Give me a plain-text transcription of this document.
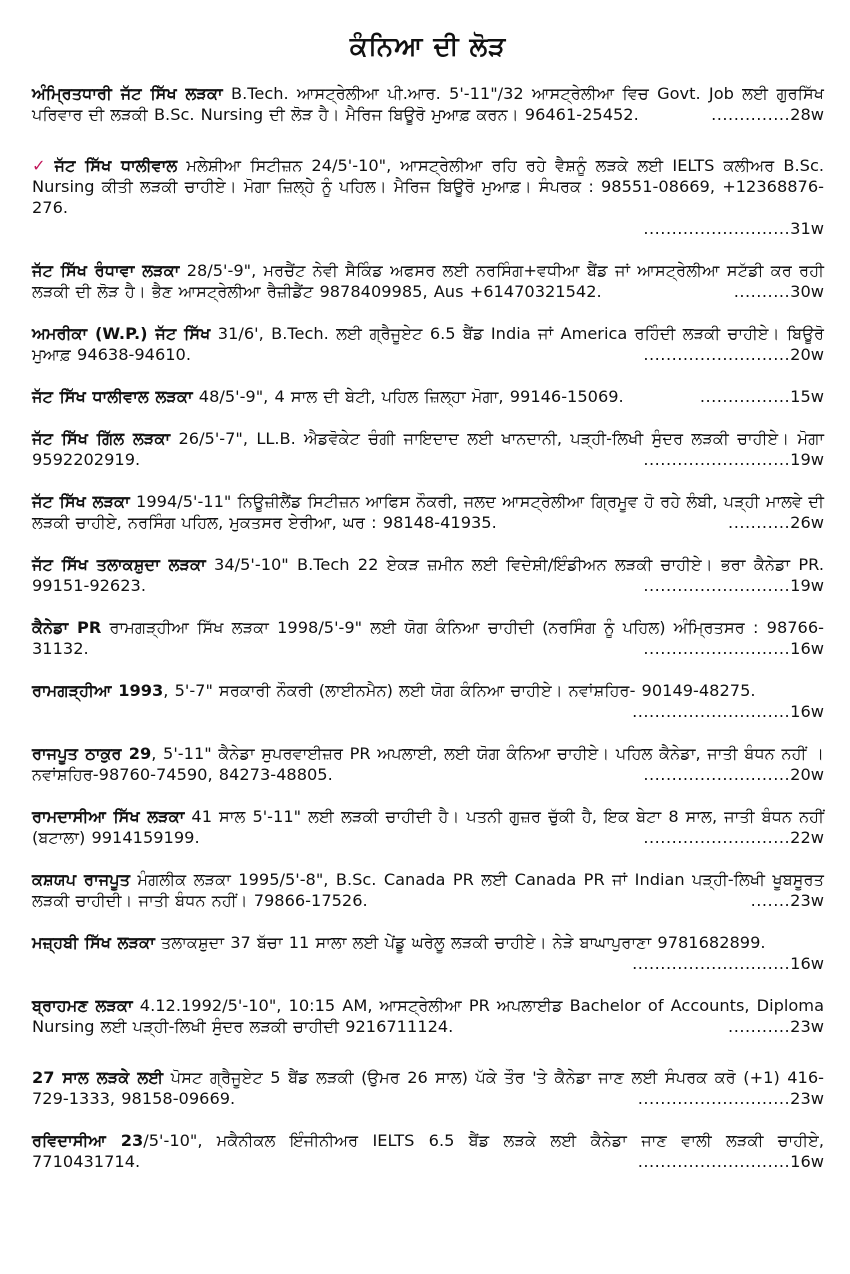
ਕੰਨਿਆ ਦੀ ਲੋੜ
ਅੰਮ੍ਰਿਤਧਾਰੀ ਜੱਟ ਸਿੱਖ ਲੜਕਾ B.Tech. ਆਸਟ੍ਰੇਲੀਆ ਪੀ.ਆਰ. 5'-11"/32 ਆਸਟ੍ਰੇਲੀਆ ਵਿਚ Govt. Job ਲਈ ਗੁਰਸਿੱਖ ਪਰਿਵਾਰ ਦੀ ਲੜਕੀ B.Sc. Nursing ਦੀ ਲੋੜ ਹੈ। ਮੈਰਿਜ ਬਿਊਰੋ ਮੁਆਫ਼ ਕਰਨ। 96461-25452.	..............28w
✓ ਜੱਟ ਸਿੱਖ ਧਾਲੀਵਾਲ ਮਲੇਸ਼ੀਆ ਸਿਟੀਜ਼ਨ 24/5'-10", ਆਸਟ੍ਰੇਲੀਆ ਰਹਿ ਰਹੇ ਵੈਸ਼ਨੂੰ ਲੜਕੇ ਲਈ IELTS ਕਲੀਅਰ B.Sc. Nursing ਕੀਤੀ ਲੜਕੀ ਚਾਹੀਏ। ਮੋਗਾ ਜ਼ਿਲ੍ਹੇ ਨੂੰ ਪਹਿਲ। ਮੈਰਿਜ ਬਿਊਰੋ ਮੁਆਫ਼। ਸੰਪਰਕ : 98551-08669, +12368876-276.
..........................31w
ਜੱਟ ਸਿੱਖ ਰੰਧਾਵਾ ਲੜਕਾ 28/5'-9", ਮਰਚੈਂਟ ਨੇਵੀ ਸੈਕਿੰਡ ਅਫਸਰ ਲਈ ਨਰਸਿੰਗ+ਵਧੀਆ ਬੈਂਡ ਜਾਂ ਆਸਟ੍ਰੇਲੀਆ ਸਟੱਡੀ ਕਰ ਰਹੀ ਲੜਕੀ ਦੀ ਲੋੜ ਹੈ। ਭੈਣ ਆਸਟ੍ਰੇਲੀਆ ਰੈਜ਼ੀਡੈਂਟ 9878409985, Aus +61470321542.	..........30w
ਅਮਰੀਕਾ (W.P.) ਜੱਟ ਸਿੱਖ 31/6', B.Tech. ਲਈ ਗ੍ਰੈਜੂਏਟ 6.5 ਬੈਂਡ India ਜਾਂ America ਰਹਿੰਦੀ ਲੜਕੀ ਚਾਹੀਏ। ਬਿਊਰੋ ਮੁਆਫ਼ 94638-94610.	..........................20w
ਜੱਟ ਸਿੱਖ ਧਾਲੀਵਾਲ ਲੜਕਾ 48/5'-9", 4 ਸਾਲ ਦੀ ਬੇਟੀ, ਪਹਿਲ ਜ਼ਿਲ੍ਹਾ ਮੋਗਾ, 99146-15069.	................15w
ਜੱਟ ਸਿੱਖ ਗਿੱਲ ਲੜਕਾ 26/5'-7", LL.B. ਐਡਵੋਕੇਟ ਚੰਗੀ ਜਾਇਦਾਦ ਲਈ ਖਾਨਦਾਨੀ, ਪੜ੍ਹੀ-ਲਿਖੀ ਸੁੰਦਰ ਲੜਕੀ ਚਾਹੀਏ। ਮੋਗਾ 9592202919.	..........................19w
ਜੱਟ ਸਿੱਖ ਲੜਕਾ 1994/5'-11" ਨਿਊਜ਼ੀਲੈਂਡ ਸਿਟੀਜ਼ਨ ਆਫਿਸ ਨੌਕਰੀ, ਜਲਦ ਆਸਟ੍ਰੇਲੀਆ ਗ੍ਰਿਮੂਵ ਹੋ ਰਹੇ ਲੰਬੀ, ਪੜ੍ਹੀ ਮਾਲਵੇ ਦੀ ਲੜਕੀ ਚਾਹੀਏ, ਨਰਸਿੰਗ ਪਹਿਲ, ਮੁਕਤਸਰ ਏਰੀਆ, ਘਰ : 98148-41935.	...........26w
ਜੱਟ ਸਿੱਖ ਤਲਾਕਸ਼ੁਦਾ ਲੜਕਾ 34/5'-10" B.Tech 22 ਏਕੜ ਜ਼ਮੀਨ ਲਈ ਵਿਦੇਸ਼ੀ/ਇੰਡੀਅਨ ਲੜਕੀ ਚਾਹੀਏ। ਭਰਾ ਕੈਨੇਡਾ PR. 99151-92623.	..........................19w
ਕੈਨੇਡਾ PR ਰਾਮਗੜ੍ਹੀਆ ਸਿੱਖ ਲੜਕਾ 1998/5'-9" ਲਈ ਯੋਗ ਕੰਨਿਆ ਚਾਹੀਦੀ (ਨਰਸਿੰਗ ਨੂੰ ਪਹਿਲ) ਅੰਮ੍ਰਿਤਸਰ : 98766-31132.	..........................16w
ਰਾਮਗੜ੍ਹੀਆ 1993, 5'-7" ਸਰਕਾਰੀ ਨੌਕਰੀ (ਲਾਈਨਮੈਨ) ਲਈ ਯੋਗ ਕੰਨਿਆ ਚਾਹੀਏ। ਨਵਾਂਸ਼ਹਿਰ- 90149-48275.
............................16w
ਰਾਜਪੂਤ ਠਾਕੁਰ 29, 5'-11" ਕੈਨੇਡਾ ਸੁਪਰਵਾਈਜ਼ਰ PR ਅਪਲਾਈ, ਲਈ ਯੋਗ ਕੰਨਿਆ ਚਾਹੀਏ। ਪਹਿਲ ਕੈਨੇਡਾ, ਜਾਤੀ ਬੰਧਨ ਨਹੀਂ । ਨਵਾਂਸ਼ਹਿਰ-98760-74590, 84273-48805.	..........................20w
ਰਾਮਦਾਸੀਆ ਸਿੱਖ ਲੜਕਾ 41 ਸਾਲ 5'-11" ਲਈ ਲੜਕੀ ਚਾਹੀਦੀ ਹੈ। ਪਤਨੀ ਗੁਜ਼ਰ ਚੁੱਕੀ ਹੈ, ਇਕ ਬੇਟਾ 8 ਸਾਲ, ਜਾਤੀ ਬੰਧਨ ਨਹੀਂ (ਬਟਾਲਾ) 9914159199.	..........................22w
ਕਸ਼ਯਪ ਰਾਜਪੂਤ ਮੰਗਲੀਕ ਲੜਕਾ 1995/5'-8", B.Sc. Canada PR ਲਈ Canada PR ਜਾਂ Indian ਪੜ੍ਹੀ-ਲਿਖੀ ਖੂਬਸੂਰਤ ਲੜਕੀ ਚਾਹੀਦੀ। ਜਾਤੀ ਬੰਧਨ ਨਹੀਂ। 79866-17526.	.......23w
ਮਜ਼੍ਹਬੀ ਸਿੱਖ ਲੜਕਾ ਤਲਾਕਸ਼ੁਦਾ 37 ਬੱਚਾ 11 ਸਾਲਾ ਲਈ ਪੇਂਡੂ ਘਰੇਲੂ ਲੜਕੀ ਚਾਹੀਏ। ਨੇੜੇ ਬਾਘਾਪੁਰਾਣਾ 9781682899.
............................16w
ਬ੍ਰਾਹਮਣ ਲੜਕਾ 4.12.1992/5'-10", 10:15 AM, ਆਸਟ੍ਰੇਲੀਆ PR ਅਪਲਾਈਡ Bachelor of Accounts, Diploma Nursing ਲਈ ਪੜ੍ਹੀ-ਲਿਖੀ ਸੁੰਦਰ ਲੜਕੀ ਚਾਹੀਦੀ 9216711124.	...........23w
27 ਸਾਲ ਲੜਕੇ ਲਈ ਪੋਸਟ ਗ੍ਰੈਜੂਏਟ 5 ਬੈਂਡ ਲੜਕੀ (ਉਮਰ 26 ਸਾਲ) ਪੱਕੇ ਤੌਰ 'ਤੇ ਕੈਨੇਡਾ ਜਾਣ ਲਈ ਸੰਪਰਕ ਕਰੋ (+1) 416-729-1333, 98158-09669.	...........................23w
ਰਵਿਦਾਸੀਆ 23/5'-10", ਮਕੈਨੀਕਲ ਇੰਜੀਨੀਅਰ IELTS 6.5 ਬੈਂਡ ਲੜਕੇ ਲਈ ਕੈਨੇਡਾ ਜਾਣ ਵਾਲੀ ਲੜਕੀ ਚਾਹੀਏ, 7710431714.	...........................16w
